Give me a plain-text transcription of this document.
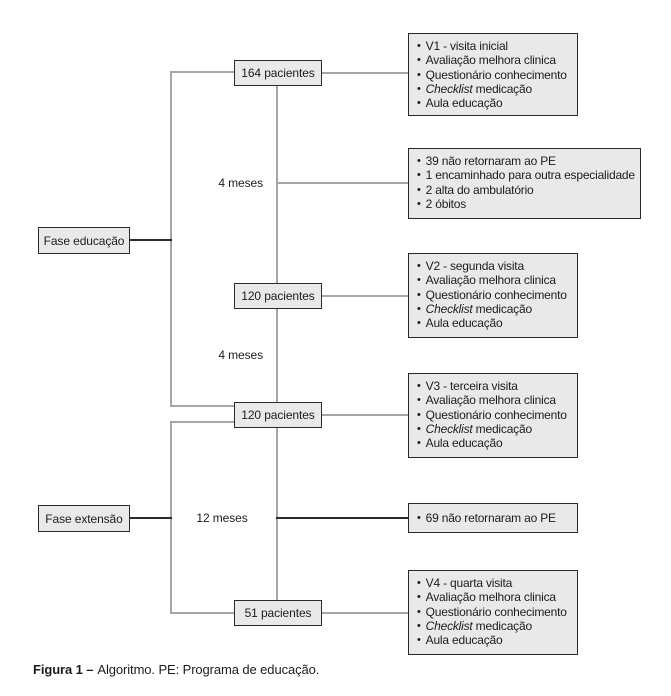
Fase educação
Fase extensão
164 pacientes
120 pacientes
120 pacientes
51 pacientes
4 meses
4 meses
12 meses
• V1 - visita inicial
• Avaliação melhora clinica
• Questionário conhecimento
• Checklist medicação
• Aula educação
• 39 não retornaram ao PE
• 1 encaminhado para outra especialidade
• 2 alta do ambulatório
• 2 óbitos
• V2 - segunda visita
• Avaliação melhora clinica
• Questionário conhecimento
• Checklist medicação
• Aula educação
• V3 - terceira visita
• Avaliação melhora clinica
• Questionário conhecimento
• Checklist medicação
• Aula educação
• 69 não retornaram ao PE
• V4 - quarta visita
• Avaliação melhora clinica
• Questionário conhecimento
• Checklist medicação
• Aula educação
Figura 1 – Algoritmo. PE: Programa de educação.
